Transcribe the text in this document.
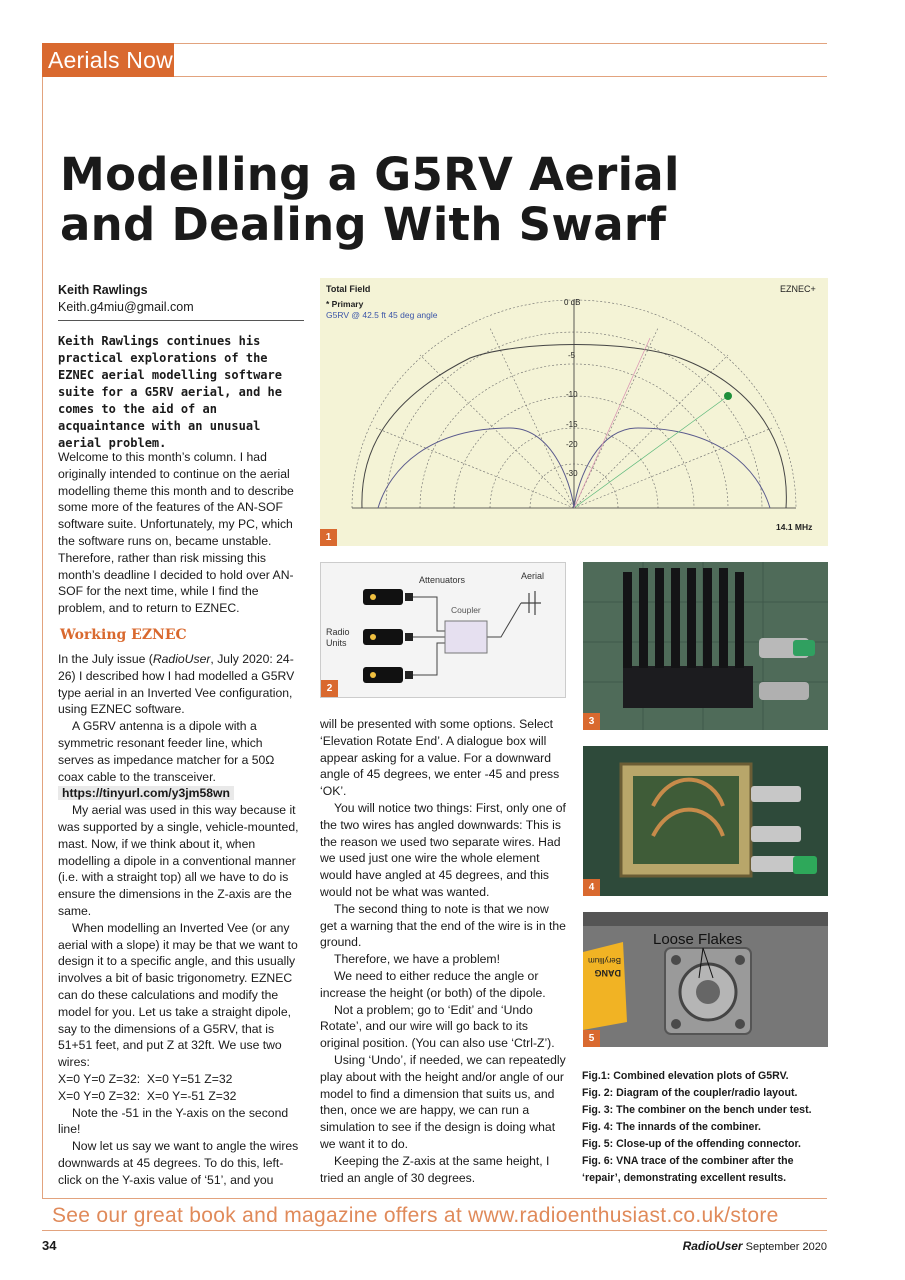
Aerials Now
Modelling a G5RV Aerial
and Dealing With Swarf
Keith Rawlings
Keith.g4miu@gmail.com

Keith Rawlings continues his practical explorations of the EZNEC aerial modelling software suite for a G5RV aerial, and he comes to the aid of an acquaintance with an unusual aerial problem.

Welcome to this month’s column. I had originally intended to continue on the aerial modelling theme this month and to describe some more of the features of the AN-SOF software suite. Unfortunately, my PC, which the software runs on, became unstable. Therefore, rather than risk missing this month’s deadline I decided to hold over AN-SOF for the next time, while I find the problem, and to return to EZNEC.

Working EZNEC

In the July issue (RadioUser, July 2020: 24-26) I described how I had modelled a G5RV type aerial in an Inverted Vee configuration, using EZNEC software.

A G5RV antenna is a dipole with a symmetric resonant feeder line, which serves as impedance matcher for a 50Ω coax cable to the transceiver.

https://tinyurl.com/y3jm58wn

My aerial was used in this way because it was supported by a single, vehicle-mounted, mast. Now, if we think about it, when modelling a dipole in a conventional manner (i.e. with a straight top) all we have to do is ensure the dimensions in the Z-axis are the same.

When modelling an Inverted Vee (or any aerial with a slope) it may be that we want to design it to a specific angle, and this usually involves a bit of basic trigonometry. EZNEC can do these calculations and modify the model for you. Let us take a straight dipole, say to the dimensions of a G5RV, that is 51+51 feet, and put Z at 32ft. We use two wires:

X=0 Y=0 Z=32:  X=0 Y=51 Z=32

X=0 Y=0 Z=32:  X=0 Y=-51 Z=32

Note the -51 in the Y-axis on the second line!

Now let us say we want to angle the wires downwards at 45 degrees. To do this, left-click on the Y-axis value of ‘51’, and you

will be presented with some options. Select ‘Elevation Rotate End’. A dialogue box will appear asking for a value. For a downward angle of 45 degrees, we enter -45 and press ‘OK’.

You will notice two things: First, only one of the two wires has angled downwards: This is the reason we used two separate wires. Had we used just one wire the whole element would have angled at 45 degrees, and this would not be what was wanted.

The second thing to note is that we now get a warning that the end of the wire is in the ground.

Therefore, we have a problem!

We need to either reduce the angle or increase the height (or both) of the dipole.

Not a problem; go to ‘Edit’ and ‘Undo Rotate’, and our wire will go back to its original position. (You can also use ‘Ctrl-Z’).

Using ‘Undo’, if needed, we can repeatedly play about with the height and/or angle of our model to find a dimension that suits us, and then, once we are happy, we can run a simulation to see if the design is doing what we want it to do.

Keeping the Z-axis at the same height, I tried an angle of 30 degrees.

Total Field	EZNEC+
* Primary
G5RV @ 42.5 ft 45 deg angle
0 dB
-5
-10
-15
-20
-30
14.1 MHz
1
Attenuators	Aerial
Coupler
Radio
Units
2
3
4
Beryllium
DANG
Loose Flakes
5
Fig.1: Combined elevation plots of G5RV.
Fig. 2: Diagram of the coupler/radio layout.
Fig. 3: The combiner on the bench under test.
Fig. 4: The innards of the combiner.
Fig. 5: Close-up of the offending connector.
Fig. 6: VNA trace of the combiner after the ‘repair’, demonstrating excellent results.
See our great book and magazine offers at www.radioenthusiast.co.uk/store
34	RadioUser September 2020
